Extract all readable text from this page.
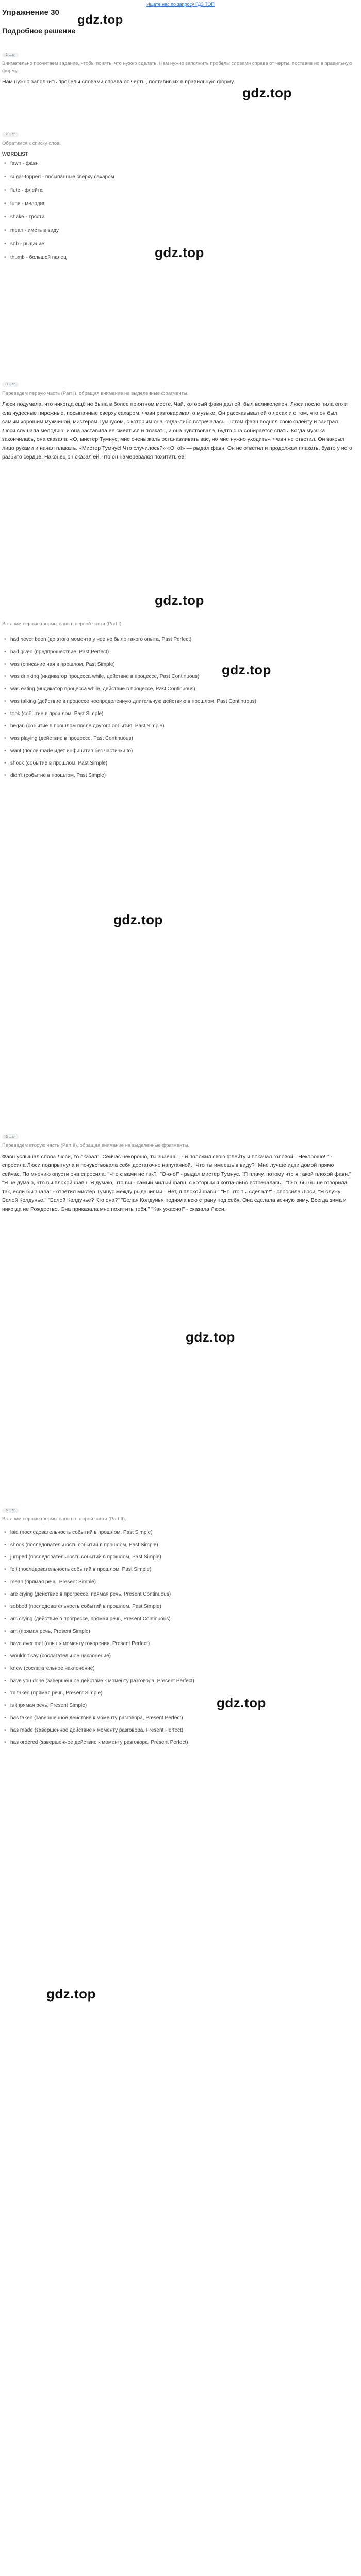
Ищете нас по запросу ГДЗ ТОП
Упражнение 30
gdz.top
Подробное решение
1 шаг
Внимательно прочитаем задание, чтобы понять, что нужно сделать. Нам нужно заполнить пробелы словами справа от черты, поставив их в правильную форму.
Нам нужно заполнить пробелы словами справа от черты, поставив их в правильную форму.
gdz.top
2 шаг
Обратимся к списку слов.
WORDLIST
• fawn - фавн
• sugar-topped - посыпанные сверху сахаром
• flute - флейта
• tune - мелодия
• shake - трясти
• mean - иметь в виду
• sob - рыдание
• thumb - большой палец	gdz.top
3 шаг
Переведем первую часть (Part I), обращая внимание на выделенные фрагменты.
Люси подумала, что никогда ещё не была в более приятном месте. Чай, который фавн дал ей, был великолепен. Люси после пила его и ела чудесные пирожные, посыпанные сверху сахаром. Фавн разговаривал о музыке. Он рассказывал ей о лесах и о том, что он был самым хорошим мужчиной, мистером Тумнусом, с которым она когда-либо встречалась. Потом фавн поднял свою флейту и заиграл. Люси слушала мелодию, и она заставила её смеяться и плакать, и она чувствовала, будто она собирается спать. Когда музыка закончилась, она сказала: «О, мистер Тумнус, мне очень жаль останавливать вас, но мне нужно уходить». Фавн не ответил. Он закрыл лицо руками и начал плакать. «Мистер Тумнус! Что случилось?» «О, о!» — рыдал фавн. Он не ответил и продолжал плакать, будто у него разбито сердце. Наконец он сказал ей, что он намеревался похитить ее.
gdz.top
Вставим верные формы слов в первой части (Part I).
• had never been (до этого момента у нее не было такого опыта, Past Perfect)
• had given (предпрошествие, Past Perfect)
• was (описание чая в прошлом, Past Simple)
• was drinking (индикатор процесса while, действие в процессе, Past Continuous)
• was eating (индикатор процесса while, действие в процессе, Past Continuous)
• was talking (действие в процессе неопределенную длительную действию в прошлом, Past Continuous)
• took (событие в прошлом, Past Simple)
• began (событие в прошлом после другого события, Past Simple)
• was playing (действие в процессе, Past Continuous)
• want (после made идет инфинитив без частички to)
• shook (событие в прошлом, Past Simple)
• didn't (событие в прошлом, Past Simple)
gdz.top
gdz.top
5 шаг
Переведем вторую часть (Part II), обращая внимание на выделенные фрагменты.
Фавн услышал слова Люси, то сказал: "Сейчас некорошо, ты знаешь", - и положил свою флейту и покачал головой. "Некорошо!!" - спросила Люси подпрыгнула и почувствовала себя достаточно напуганной. "Что ты имеешь в виду?" Мне лучше идти домой прямо сейчас. По мнению опусти она спросила: "Что с вами не так?" "О-о-о!" - рыдал мистер Тумнус. "Я плачу, потому что я такой плохой фавн." "Я не думаю, что вы плохой фавн. Я думаю, что вы - самый милый фавн, с которым я когда-либо встречалась." "О-о, бы бы не говорила так, если бы знала" - ответил мистер Тумнус между рыданиями, "Нет, я плохой фавн." "Но что ты сделал?" - спросила Люси. "Я служу Белой Колдунье." "Белой Колдунье? Кто она?" "Белая Колдунья подняла всю страну под себя. Она сделала вечную зиму. Всегда зима и никогда не Рождество. Она приказала мне похитить тебя." "Как ужасно!" - сказала Люси.
gdz.top
6 шаг
Вставим верные формы слов во второй части (Part II).
• laid (последовательность событий в прошлом, Past Simple)
• shook (последовательность событий в прошлом, Past Simple)
• jumped (последовательность событий в прошлом, Past Simple)
• felt (последовательность событий в прошлом, Past Simple)
• mean (прямая речь, Present Simple)
• are crying (действие в прогрессе, прямая речь, Present Continuous)
• sobbed (последовательность событий в прошлом, Past Simple)
• am crying (действие в прогрессе, прямая речь, Present Continuous)
• am (прямая речь, Present Simple)
• have ever met (опыт к моменту говорения, Present Perfect)
• wouldn't say (сослагательное наклонение)
• knew (сослагательное наклонение)
• have you done (завершенное действие к моменту разговора, Present Perfect)
• 'm taken (прямая речь, Present Simple)
• is (прямая речь, Present Simple)
• has taken (завершенное действие к моменту разговора, Present Perfect)
• has made (завершенное действие к моменту разговора, Present Perfect)
• has ordered (завершенное действие к моменту разговора, Present Perfect)
gdz.top
gdz.top
